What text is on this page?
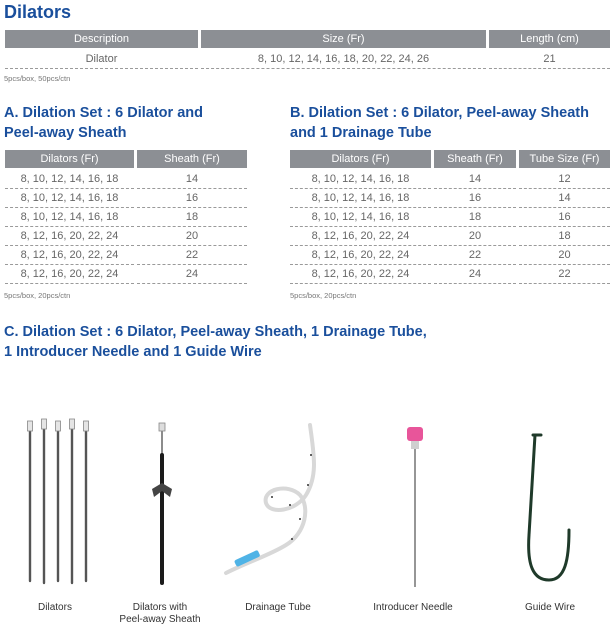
Dilators
Description	Size (Fr)	Length (cm)
Dilator	8, 10, 12, 14, 16, 18, 20, 22, 24, 26	21
5pcs/box, 50pcs/ctn
A. Dilation Set : 6 Dilator and
Peel-away Sheath
Dilators (Fr)	Sheath (Fr)
8, 10, 12, 14, 16, 18	14
8, 10, 12, 14, 16, 18	16
8, 10, 12, 14, 16, 18	18
8, 12, 16, 20, 22, 24	20
8, 12, 16, 20, 22, 24	22
8, 12, 16, 20, 22, 24	24
5pcs/box, 20pcs/ctn
B. Dilation Set : 6 Dilator, Peel-away Sheath
and 1 Drainage Tube
Dilators (Fr)	Sheath (Fr)	Tube Size (Fr)
8, 10, 12, 14, 16, 18	14	12
8, 10, 12, 14, 16, 18	16	14
8, 10, 12, 14, 16, 18	18	16
8, 12, 16, 20, 22, 24	20	18
8, 12, 16, 20, 22, 24	22	20
8, 12, 16, 20, 22, 24	24	22
5pcs/box, 20pcs/ctn
C. Dilation Set : 6 Dilator, Peel-away Sheath, 1 Drainage Tube,
1 Introducer Needle and 1 Guide Wire
Dilators	Dilators with
Peel-away Sheath
Drainage Tube	Introducer Needle	Guide Wire
